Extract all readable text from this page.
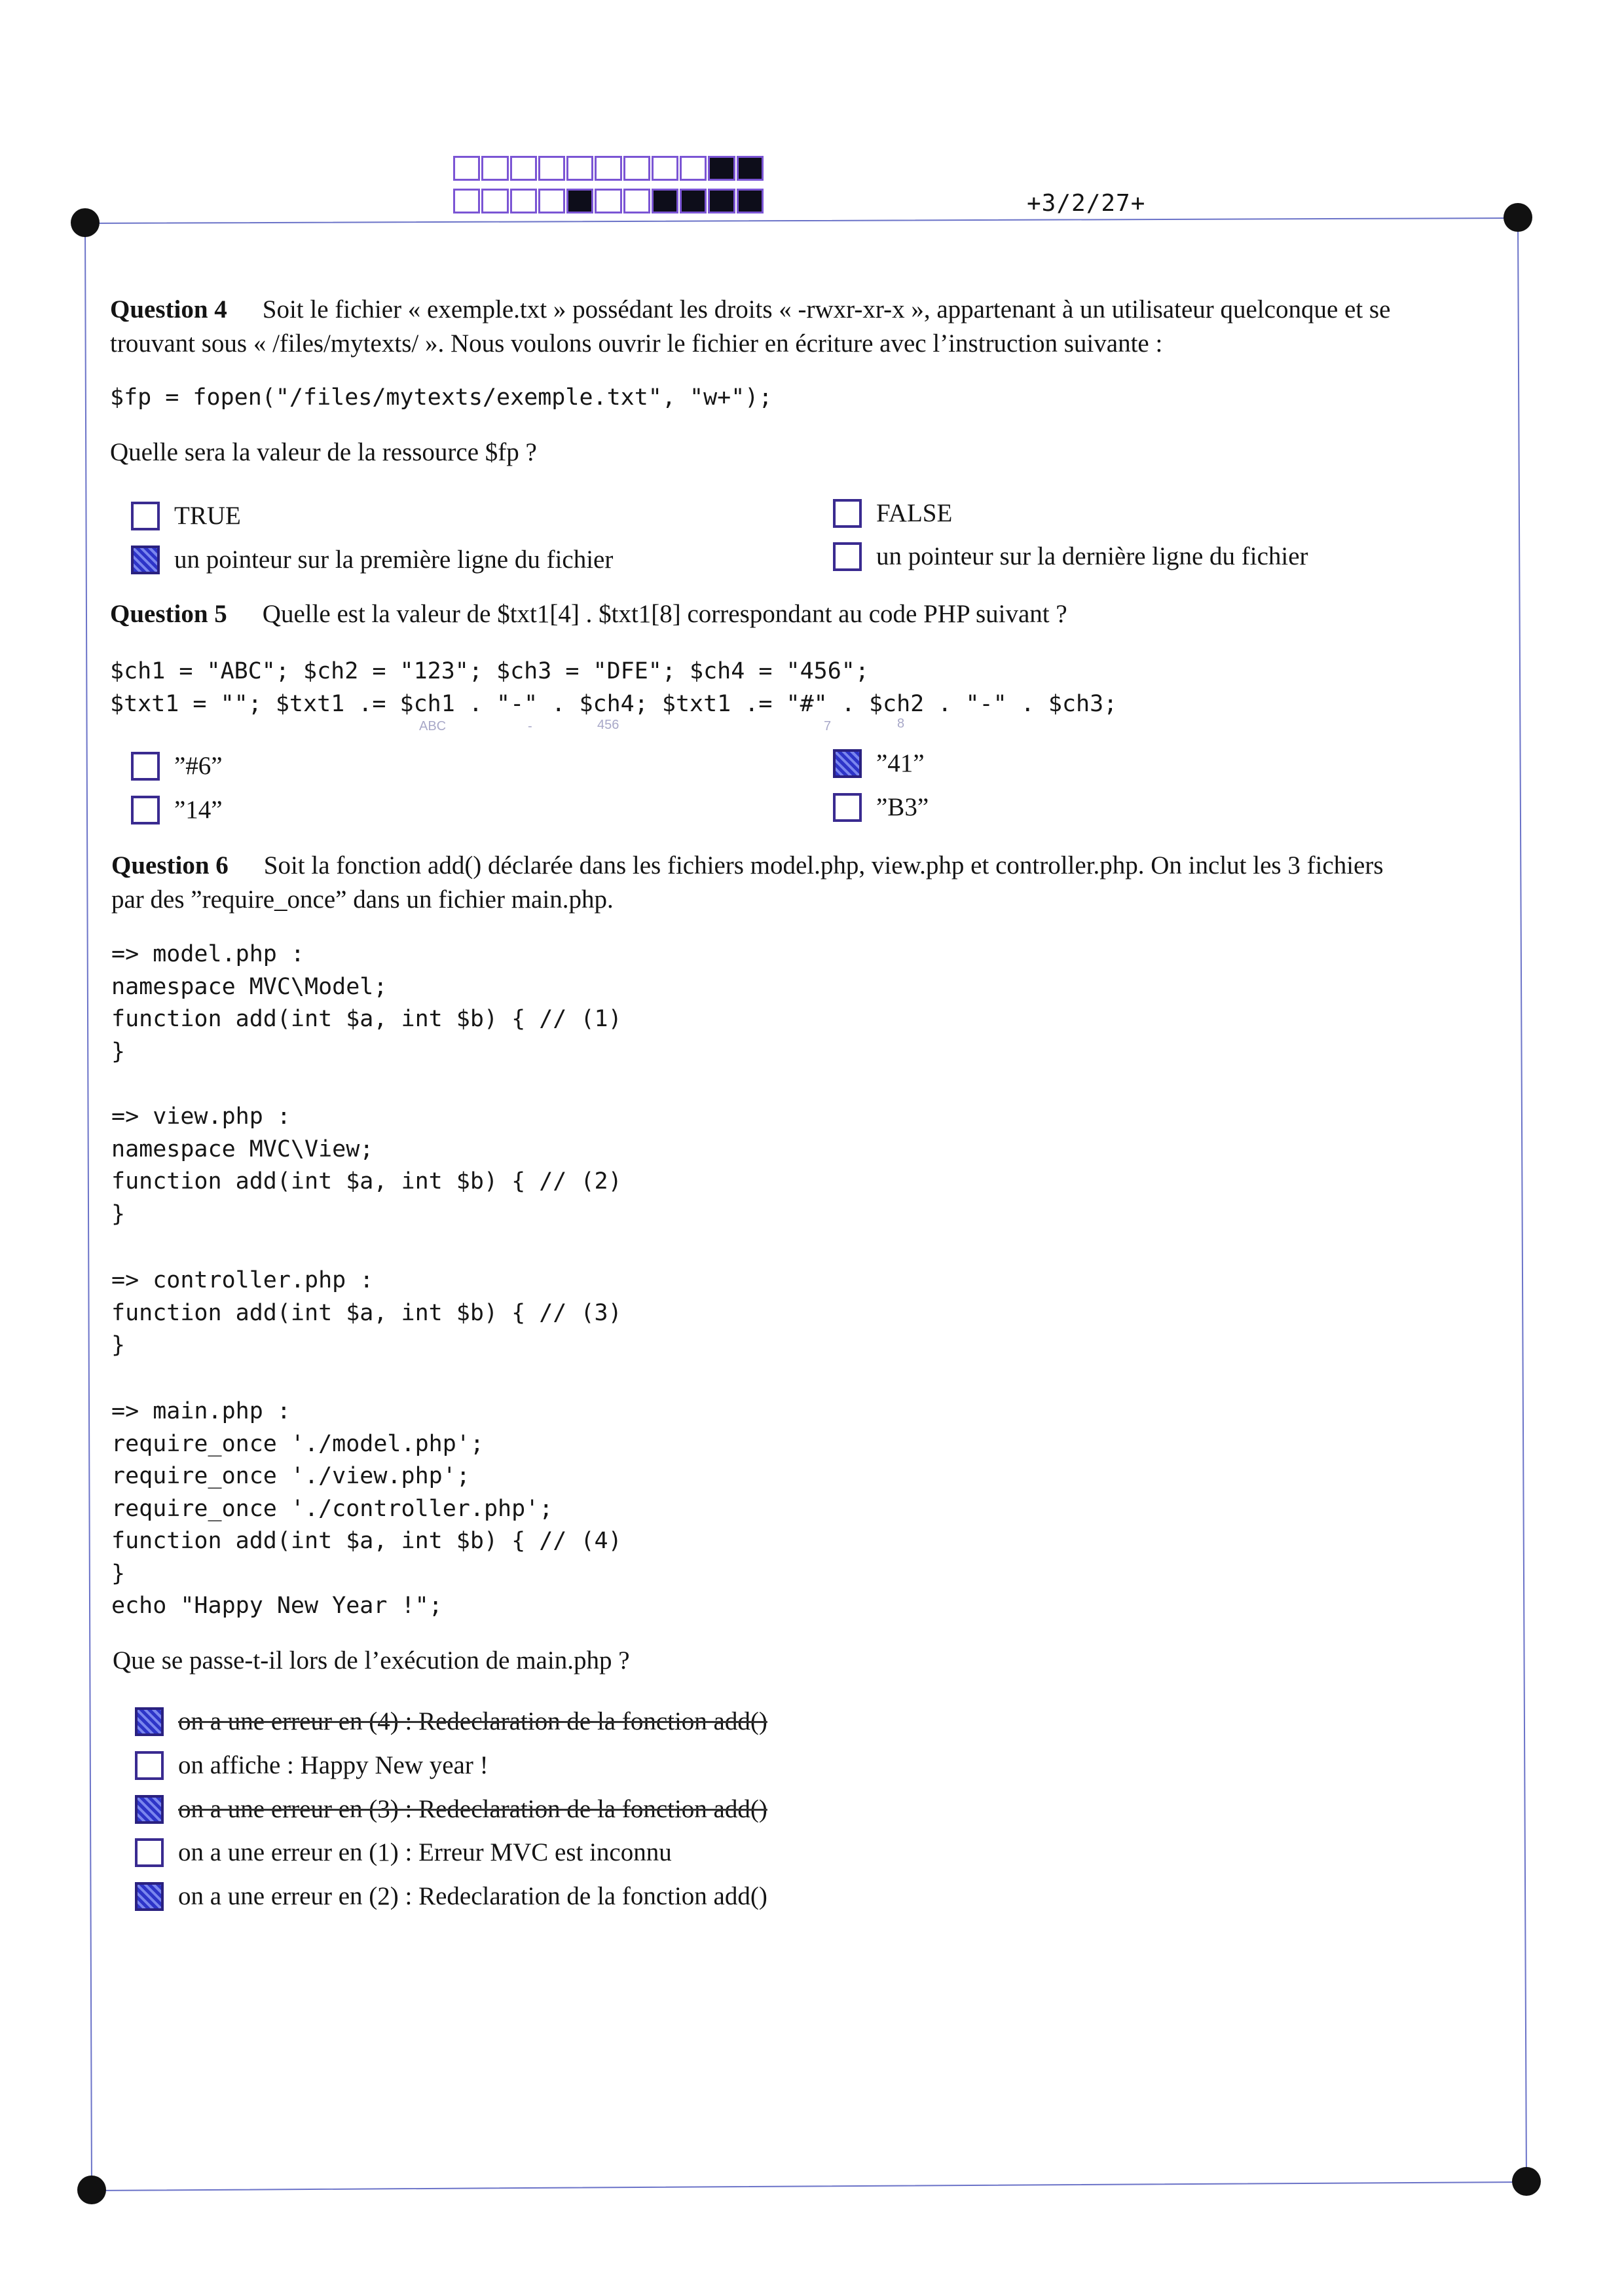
+3/2/27+
Question 4 Soit le fichier « exemple.txt » possédant les droits « -rwxr-xr-x », appartenant à un utilisateur quelconque et se
trouvant sous « /files/mytexts/ ». Nous voulons ouvrir le fichier en écriture avec l’instruction suivante :
$fp = fopen("/files/mytexts/exemple.txt", "w+");
Quelle sera la valeur de la ressource $fp ?
TRUE	FALSE
un pointeur sur la première ligne du fichier	un pointeur sur la dernière ligne du fichier
Question 5 Quelle est la valeur de $txt1[4] . $txt1[8] correspondant au code PHP suivant ?
$ch1 = "ABC"; $ch2 = "123"; $ch3 = "DFE"; $ch4 = "456";
$txt1 = ""; $txt1 .= $ch1 . "-" . $ch4; $txt1 .= "#" . $ch2 . "-" . $ch3;
ABC	-	456	7	8
”#6”	”41”
”14”	”B3”
Question 6 Soit la fonction add() déclarée dans les fichiers model.php, view.php et controller.php. On inclut les 3 fichiers
par des ”require_once” dans un fichier main.php.
=> model.php :
namespace MVC\Model;
function add(int $a, int $b) { // (1)
}
=> view.php :
namespace MVC\View;
function add(int $a, int $b) { // (2)
}
=> controller.php :
function add(int $a, int $b) { // (3)
}
=> main.php :
require_once './model.php';
require_once './view.php';
require_once './controller.php';
function add(int $a, int $b) { // (4)
}
echo "Happy New Year !";
Que se passe-t-il lors de l’exécution de main.php ?
on a une erreur en (4) : Redeclaration de la fonction add()
on affiche : Happy New year !
on a une erreur en (3) : Redeclaration de la fonction add()
on a une erreur en (1) : Erreur MVC est inconnu
on a une erreur en (2) : Redeclaration de la fonction add()
